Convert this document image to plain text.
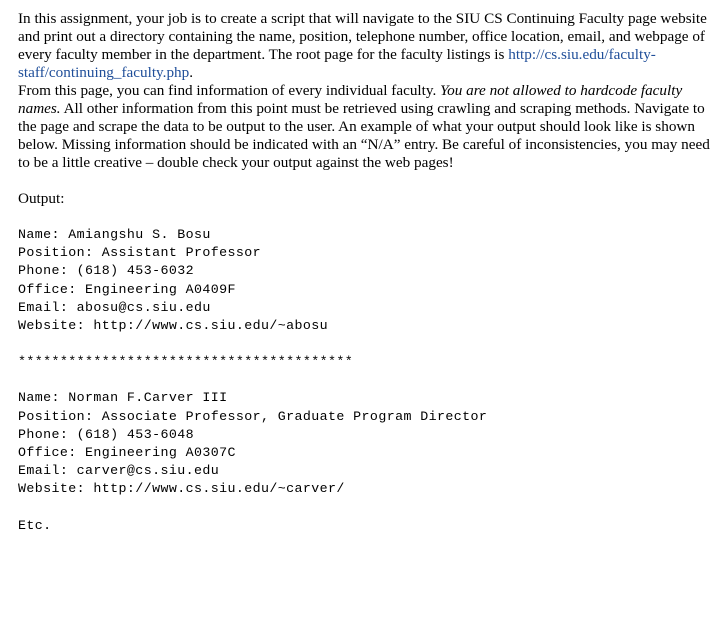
In this assignment, your job is to create a script that will navigate to the SIU CS Continuing Faculty page website and print out a directory containing the name, position, telephone number, office location, email, and webpage of every faculty member in the department. The root page for the faculty listings is http://cs.siu.edu/faculty-staff/continuing_faculty.php.
From this page, you can find information of every individual faculty. You are not allowed to hardcode faculty names. All other information from this point must be retrieved using crawling and scraping methods. Navigate to the page and scrape the data to be output to the user. An example of what your output should look like is shown below. Missing information should be indicated with an “N/A” entry. Be careful of inconsistencies, you may need to be a little creative – double check your output against the web pages!

Output:

Name: Amiangshu S. Bosu
Position: Assistant Professor
Phone: (618) 453-6032
Office: Engineering A0409F
Email: abosu@cs.siu.edu
Website: http://www.cs.siu.edu/~abosu
****************************************
Name: Norman F.Carver III
Position: Associate Professor, Graduate Program Director
Phone: (618) 453-6048
Office: Engineering A0307C
Email: carver@cs.siu.edu
Website: http://www.cs.siu.edu/~carver/
Etc.
